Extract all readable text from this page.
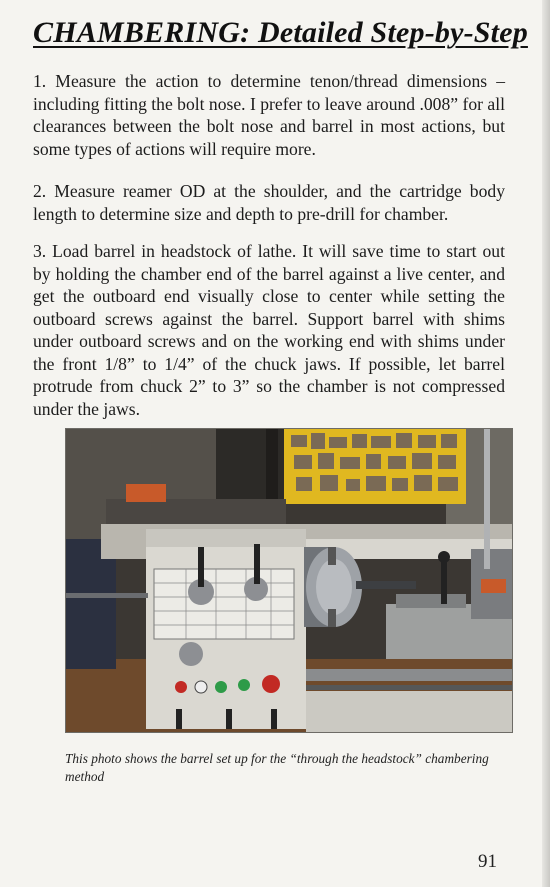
CHAMBERING: Detailed Step-by-Step

1. Measure the action to determine tenon/thread dimensions – including fitting the bolt nose. I prefer to leave around .008” for all clearances between the bolt nose and barrel in most actions, but some types of actions will require more.

2. Measure reamer OD at the shoulder, and the cartridge body length to determine size and depth to pre-drill for chamber.

3. Load barrel in headstock of lathe. It will save time to start out by holding the chamber end of the barrel against a live center, and get the outboard end visually close to center while setting the outboard screws against the barrel. Support barrel with shims under outboard screws and on the working end with shims under the front 1/8” to 1/4” of the chuck jaws. If possible, let barrel protrude from chuck 2” to 3” so the chamber is not compressed under the jaws.

This photo shows the barrel set up for the “through the headstock” chambering method

91
